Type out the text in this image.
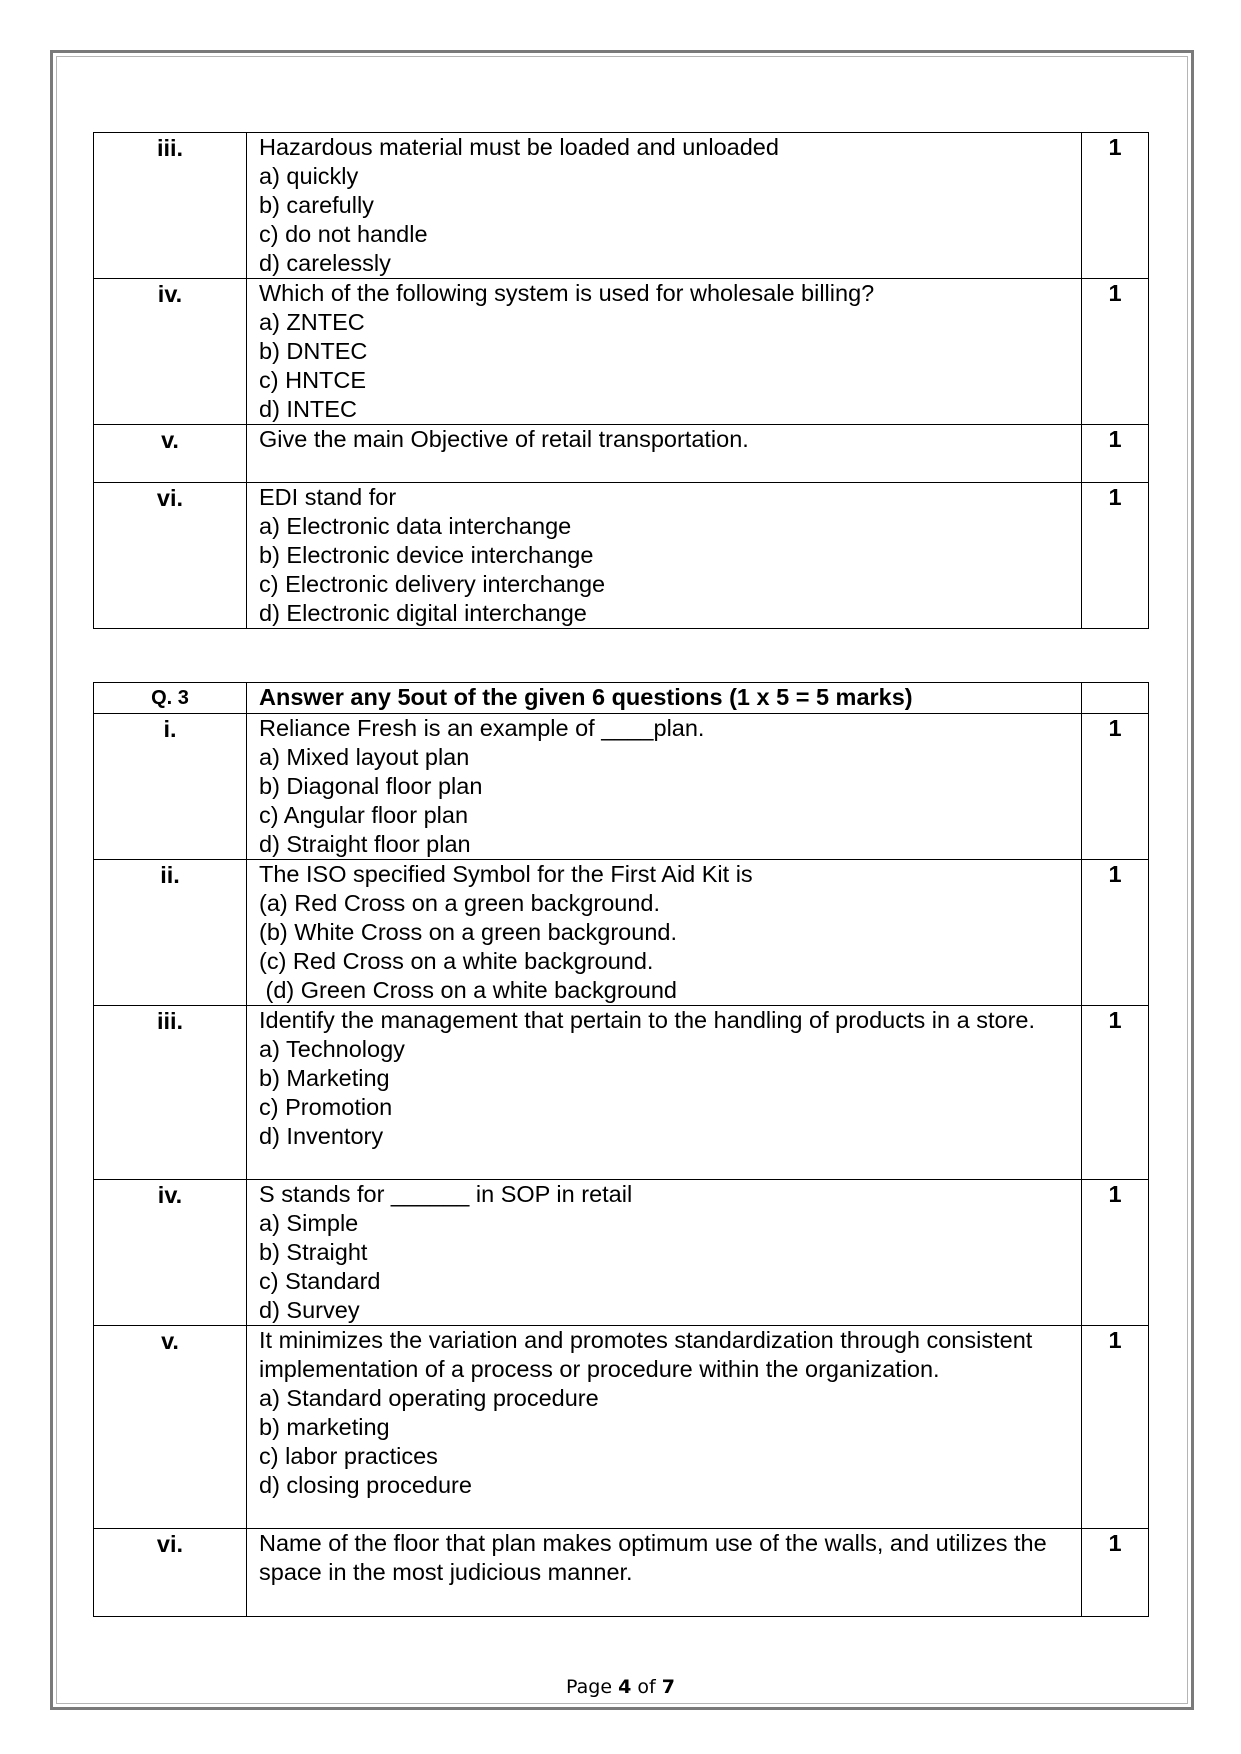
iii.	Hazardous material must be loaded and unloaded
a) quickly
b) carefully
c) do not handle
d) carelessly	1
iv.	Which of the following system is used for wholesale billing?
a) ZNTEC
b) DNTEC
c) HNTCE
d) INTEC	1
v.	Give the main Objective of retail transportation.	1
vi.	EDI stand for
a) Electronic data interchange
b) Electronic device interchange
c) Electronic delivery interchange
d) Electronic digital interchange	1
Q. 3	Answer any 5out of the given 6 questions (1 x 5 = 5 marks)	
i.	Reliance Fresh is an example of ____plan.
a) Mixed layout plan
b) Diagonal floor plan
c) Angular floor plan
d) Straight floor plan	1
ii.	The ISO specified Symbol for the First Aid Kit is
(a) Red Cross on a green background.
(b) White Cross on a green background.
(c) Red Cross on a white background.
(d) Green Cross on a white background	1
iii.	Identify the management that pertain to the handling of products in a store.
a) Technology
b) Marketing
c) Promotion
d) Inventory	1
iv.	S stands for ______ in SOP in retail
a) Simple
b) Straight
c) Standard
d) Survey	1
v.	It minimizes the variation and promotes standardization through consistent implementation of a process or procedure within the organization.
a) Standard operating procedure
b) marketing
c) labor practices
d) closing procedure	1
vi.	Name of the floor that plan makes optimum use of the walls, and utilizes the space in the most judicious manner.	1
Page 4 of 7
